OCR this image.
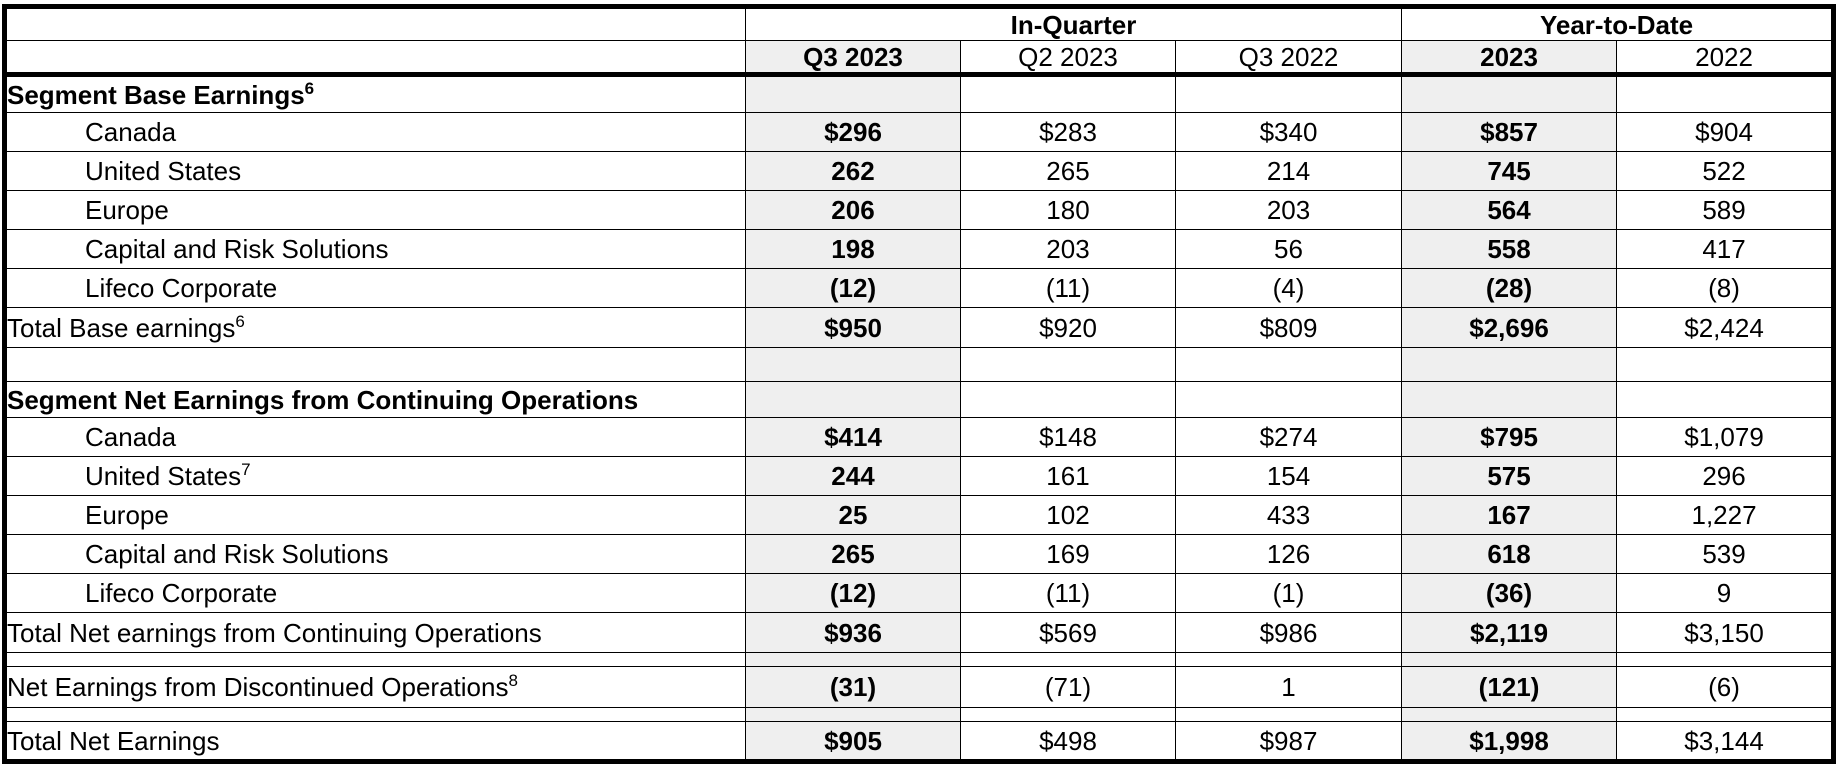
	In-Quarter			Year-to-Date	
	Q3 2023	Q2 2023	Q3 2022	2023	2022
Segment Base Earnings$^6$					
Canada	$296	$283	$340	$857	$904
United States	262	265	214	745	522
Europe	206	180	203	564	589
Capital and Risk Solutions	198	203	56	558	417
Lifeco Corporate	(12)	(11)	(4)	(28)	(8)
Total Base earnings$^6$	$950	$920	$809	$2,696	$2,424

Segment Net Earnings from Continuing Operations					
Canada	$414	$148	$274	$795	$1,079
United States$^7$	244	161	154	575	296
Europe	25	102	433	167	1,227
Capital and Risk Solutions	265	169	126	618	539
Lifeco Corporate	(12)	(11)	(1)	(36)	9
Total Net earnings from Continuing Operations	$936	$569	$986	$2,119	$3,150

Net Earnings from Discontinued Operations$^8$	(31)	(71)	1	(121)	(6)

Total Net Earnings	$905	$498	$987	$1,998	$3,144
